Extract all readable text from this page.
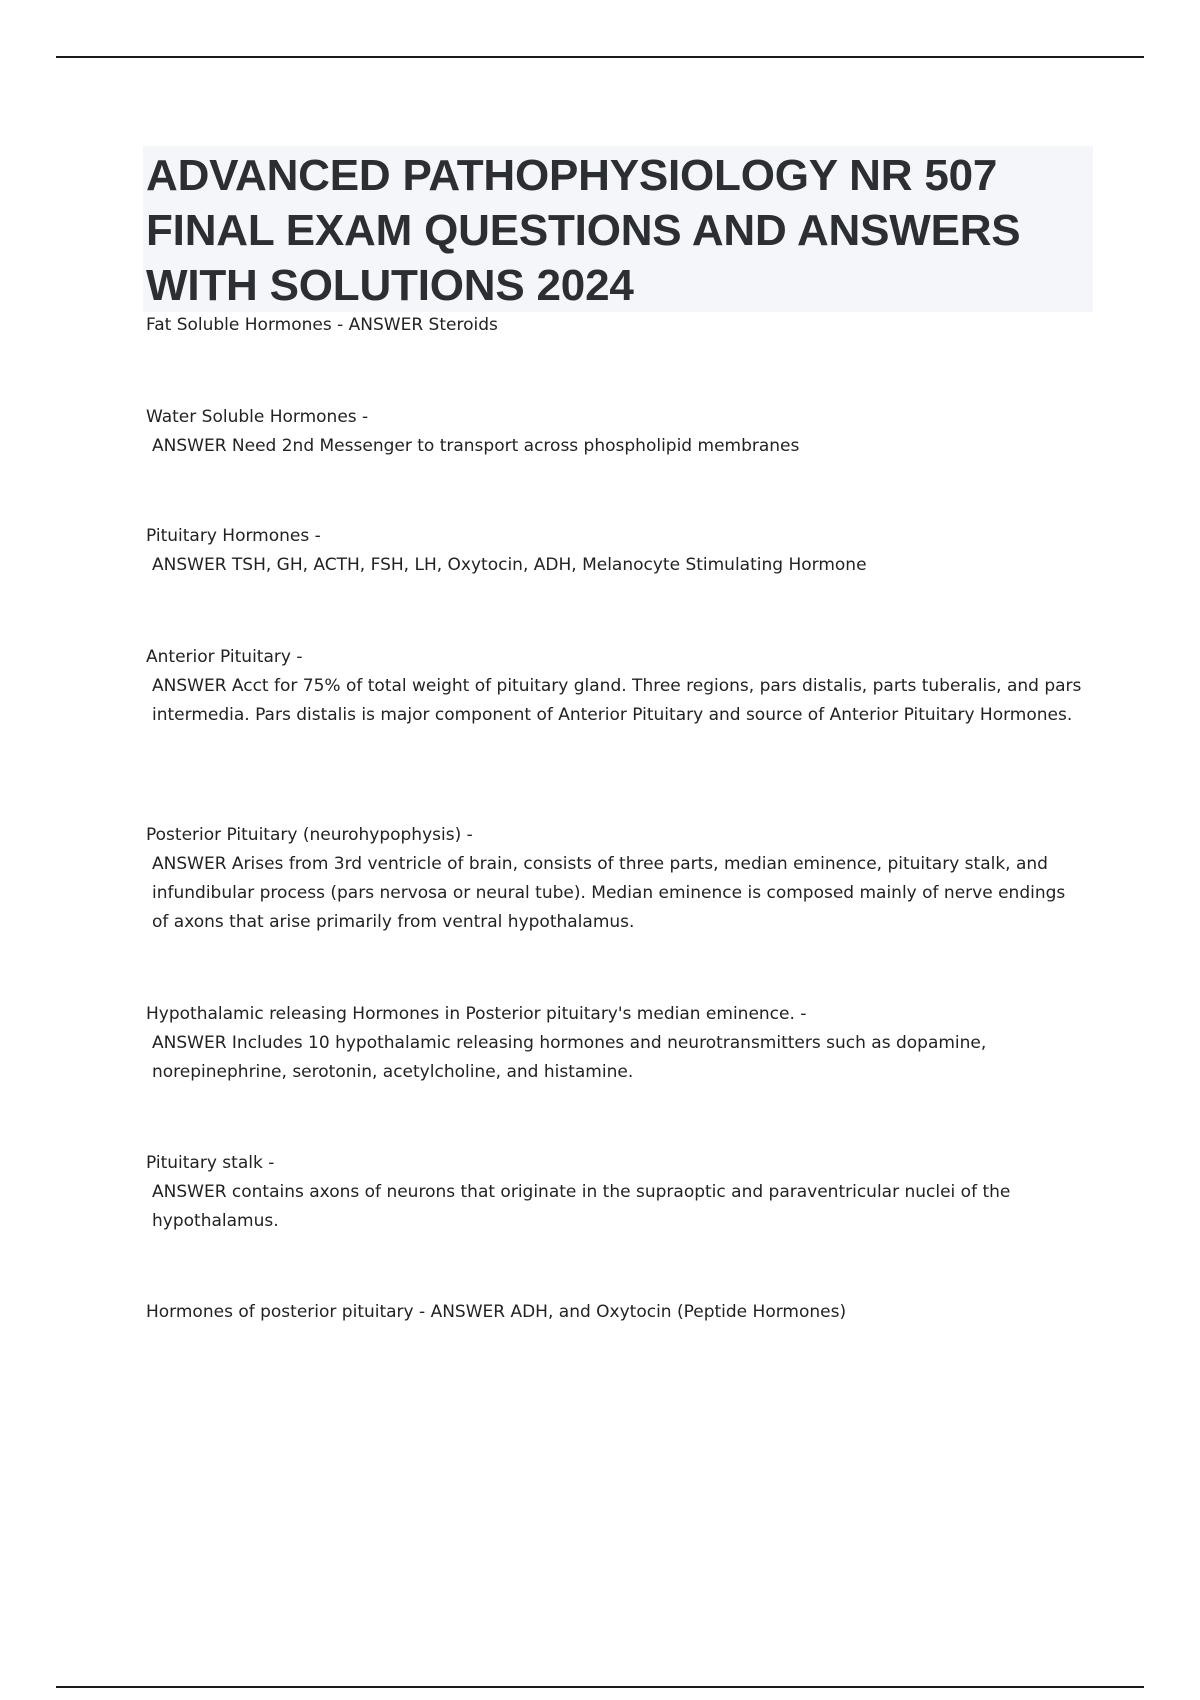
ADVANCED PATHOPHYSIOLOGY NR 507 FINAL EXAM QUESTIONS AND ANSWERS WITH SOLUTIONS 2024
Fat Soluble Hormones - ANSWER Steroids
Water Soluble Hormones -
ANSWER Need 2nd Messenger to transport across phospholipid membranes
Pituitary Hormones -
ANSWER TSH, GH, ACTH, FSH, LH, Oxytocin, ADH, Melanocyte Stimulating Hormone
Anterior Pituitary -
ANSWER Acct for 75% of total weight of pituitary gland. Three regions, pars distalis, parts tuberalis, and pars intermedia. Pars distalis is major component of Anterior Pituitary and source of Anterior Pituitary Hormones.
Posterior Pituitary (neurohypophysis) -
ANSWER Arises from 3rd ventricle of brain, consists of three parts, median eminence, pituitary stalk, and infundibular process (pars nervosa or neural tube). Median eminence is composed mainly of nerve endings of axons that arise primarily from ventral hypothalamus.
Hypothalamic releasing Hormones in Posterior pituitary's median eminence. -
ANSWER Includes 10 hypothalamic releasing hormones and neurotransmitters such as dopamine, norepinephrine, serotonin, acetylcholine, and histamine.
Pituitary stalk -
ANSWER contains axons of neurons that originate in the supraoptic and paraventricular nuclei of the hypothalamus.
Hormones of posterior pituitary - ANSWER ADH, and Oxytocin (Peptide Hormones)
